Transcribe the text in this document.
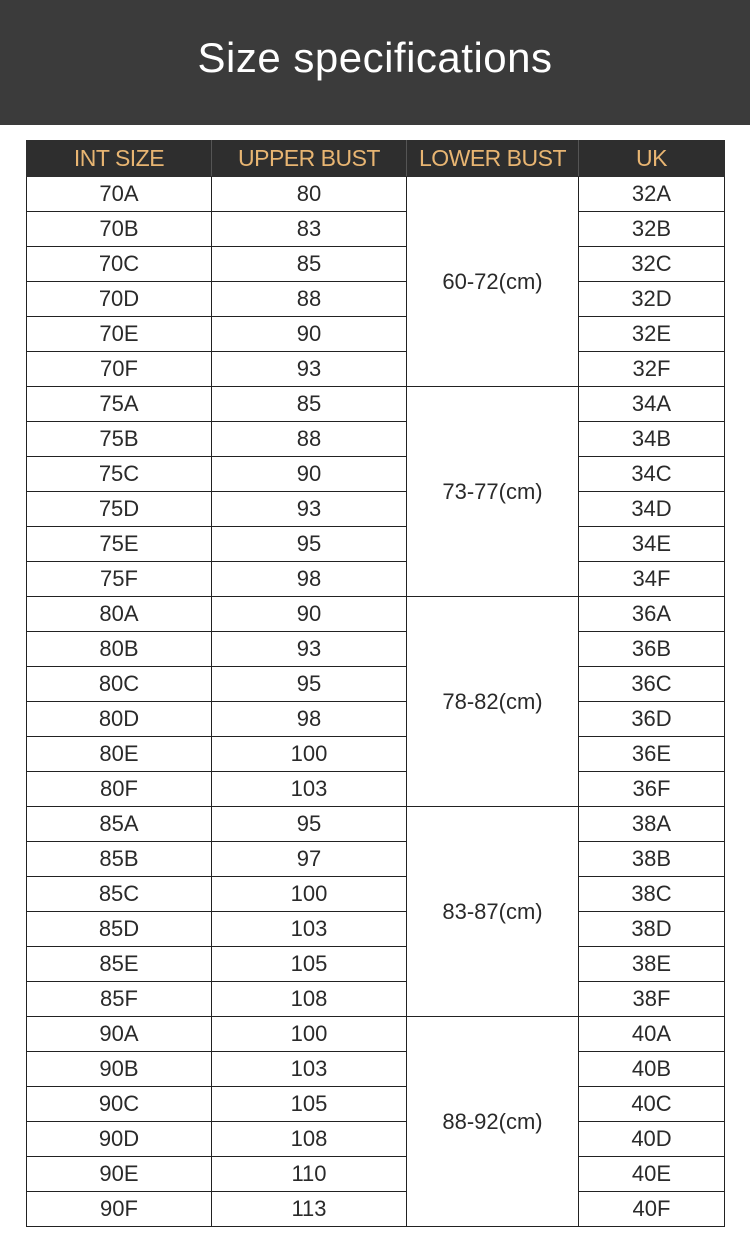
Size specifications
INT SIZE	UPPER BUST	LOWER BUST	UK
70A	80	60-72(cm)	32A
70B	83		32B
70C	85		32C
70D	88		32D
70E	90		32E
70F	93		32F
75A	85	73-77(cm)	34A
75B	88		34B
75C	90		34C
75D	93		34D
75E	95		34E
75F	98		34F
80A	90	78-82(cm)	36A
80B	93		36B
80C	95		36C
80D	98		36D
80E	100		36E
80F	103		36F
85A	95	83-87(cm)	38A
85B	97		38B
85C	100		38C
85D	103		38D
85E	105		38E
85F	108		38F
90A	100	88-92(cm)	40A
90B	103		40B
90C	105		40C
90D	108		40D
90E	110		40E
90F	113		40F
